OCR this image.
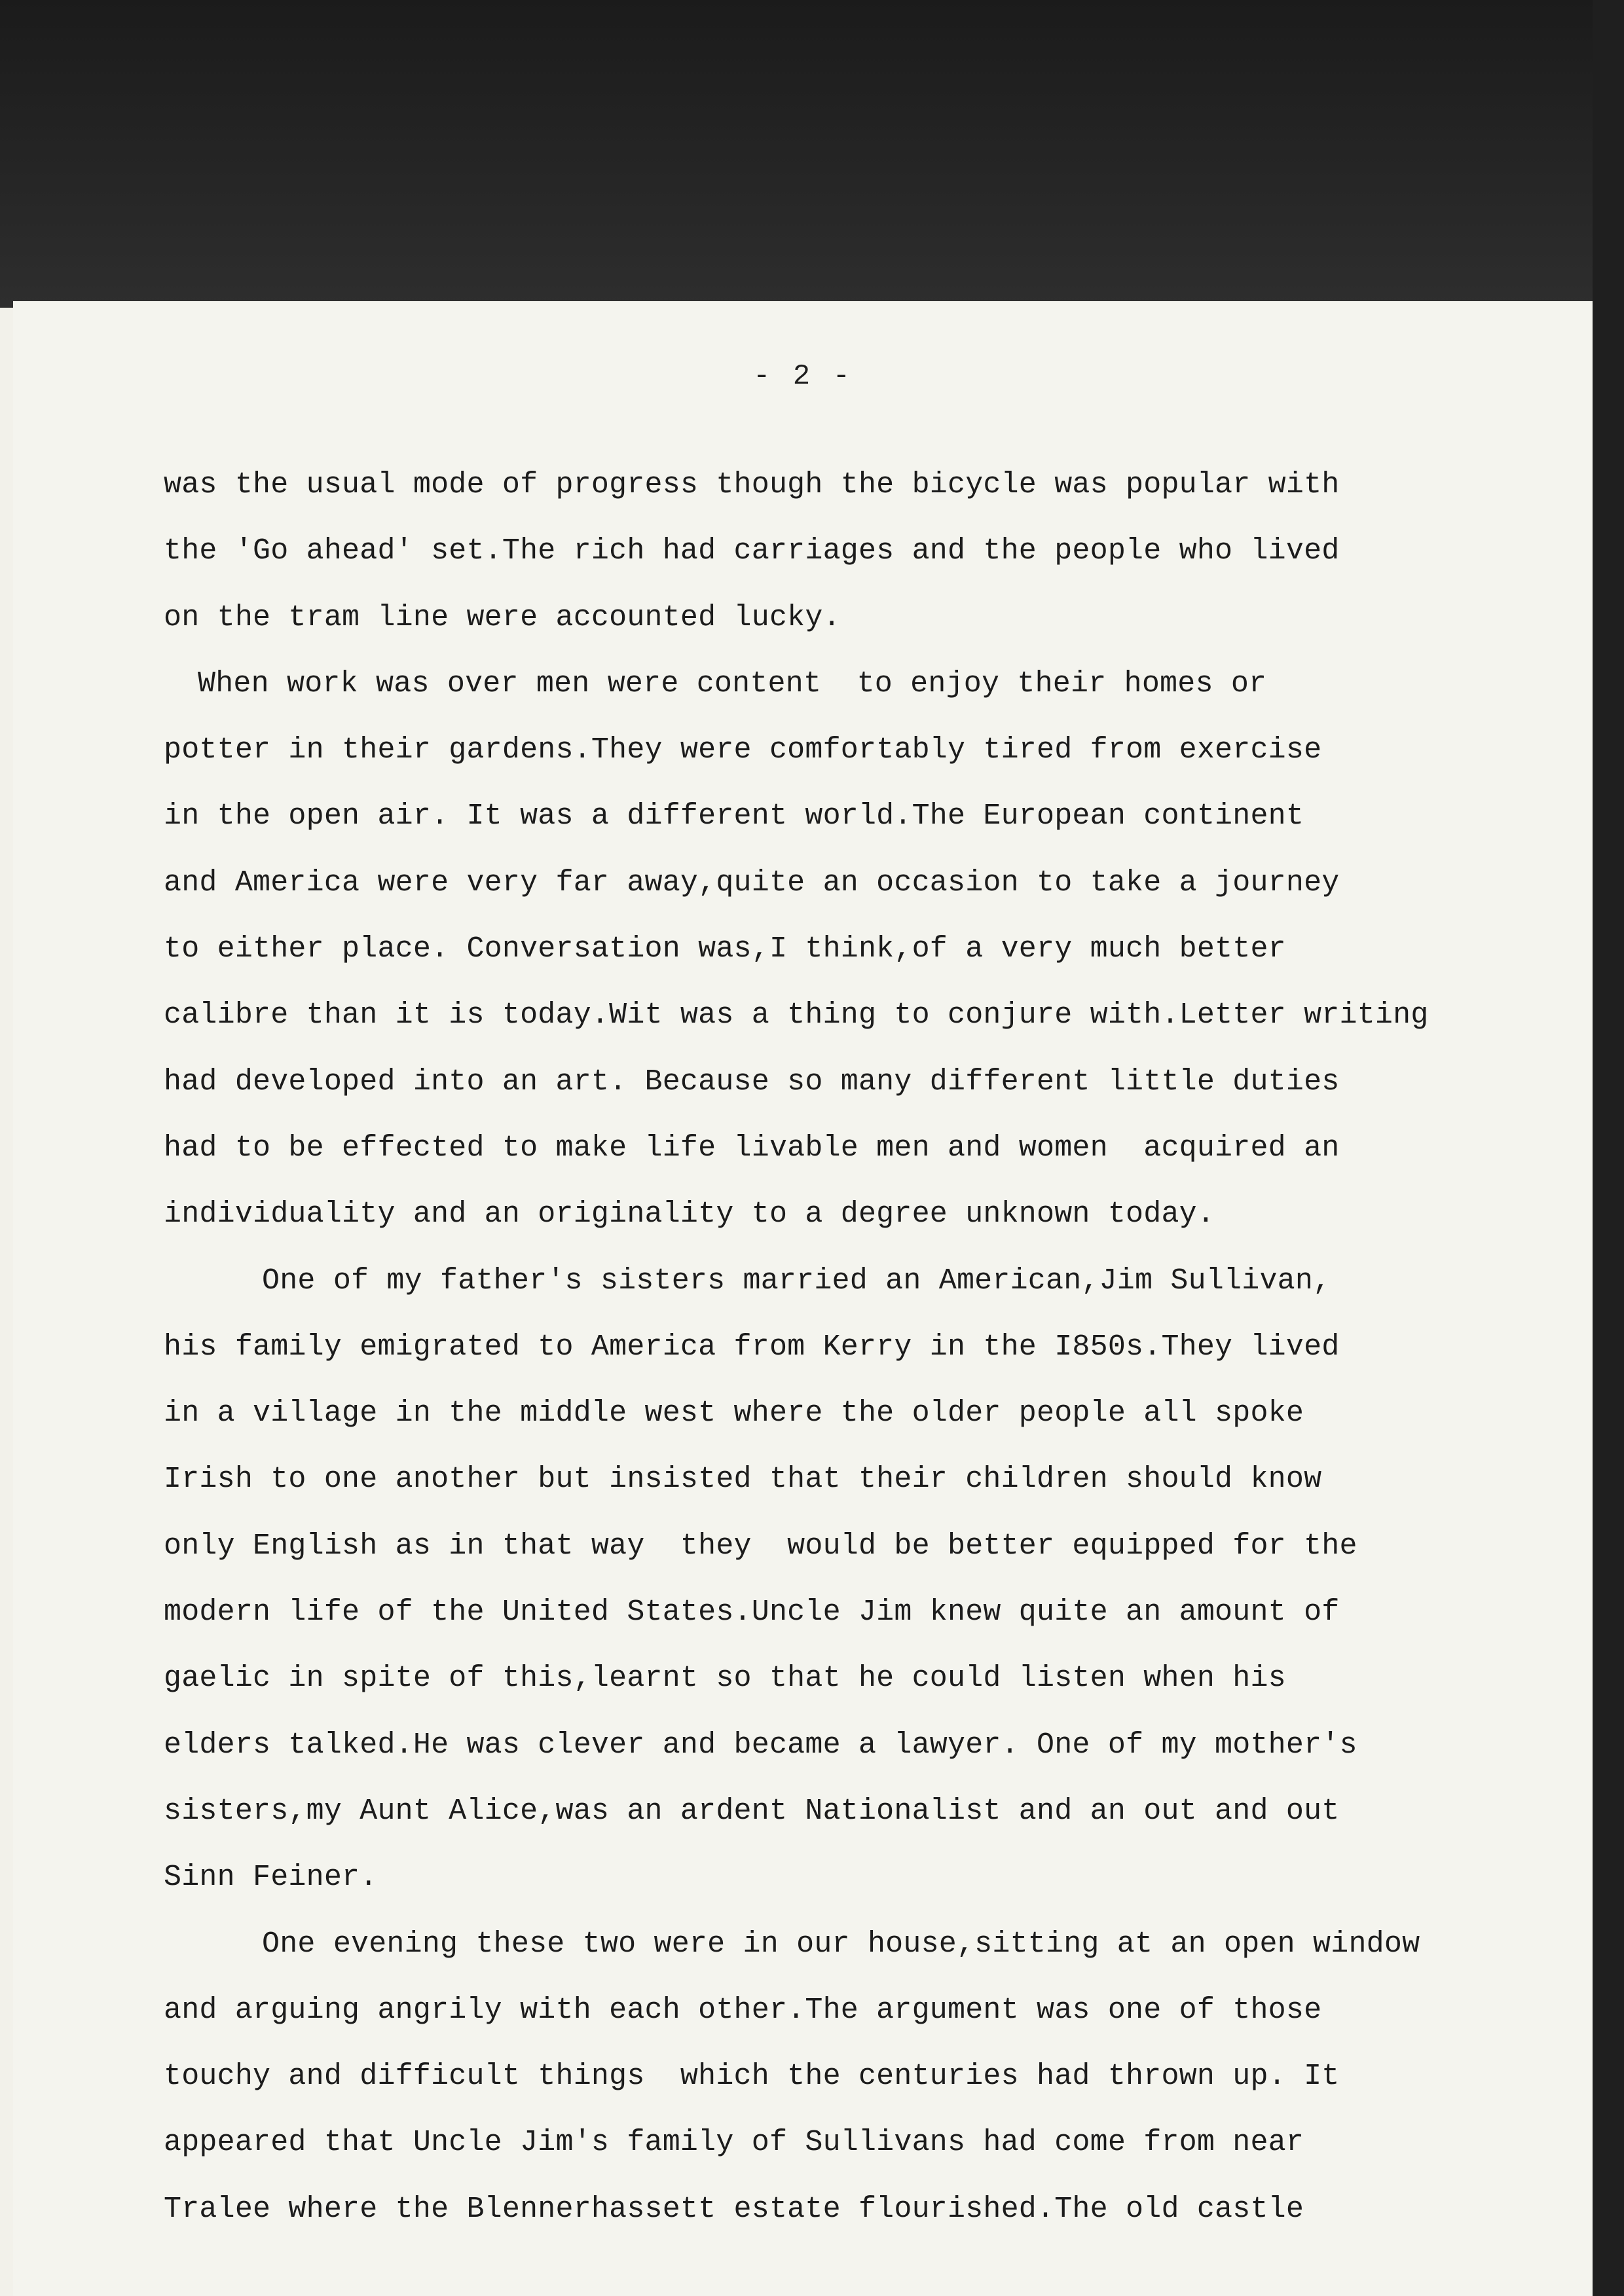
- 2 -
was the usual mode of progress though the bicycle was popular with
the 'Go ahead' set.The rich had carriages and the people who lived
on the tram line were accounted lucky.
When work was over men were content  to enjoy their homes or
potter in their gardens.They were comfortably tired from exercise
in the open air. It was a different world.The European continent
and America were very far away,quite an occasion to take a journey
to either place. Conversation was,I think,of a very much better
calibre than it is today.Wit was a thing to conjure with.Letter writing
had developed into an art. Because so many different little duties
had to be effected to make life livable men and women  acquired an
individuality and an originality to a degree unknown today.
One of my father's sisters married an American,Jim Sullivan,
his family emigrated to America from Kerry in the I850s.They lived
in a village in the middle west where the older people all spoke
Irish to one another but insisted that their children should know
only English as in that way  they  would be better equipped for the
modern life of the United States.Uncle Jim knew quite an amount of
gaelic in spite of this,learnt so that he could listen when his
elders talked.He was clever and became a lawyer. One of my mother's
sisters,my Aunt Alice,was an ardent Nationalist and an out and out
Sinn Feiner.
One evening these two were in our house,sitting at an open window
and arguing angrily with each other.The argument was one of those
touchy and difficult things  which the centuries had thrown up. It
appeared that Uncle Jim's family of Sullivans had come from near
Tralee where the Blennerhassett estate flourished.The old castle
